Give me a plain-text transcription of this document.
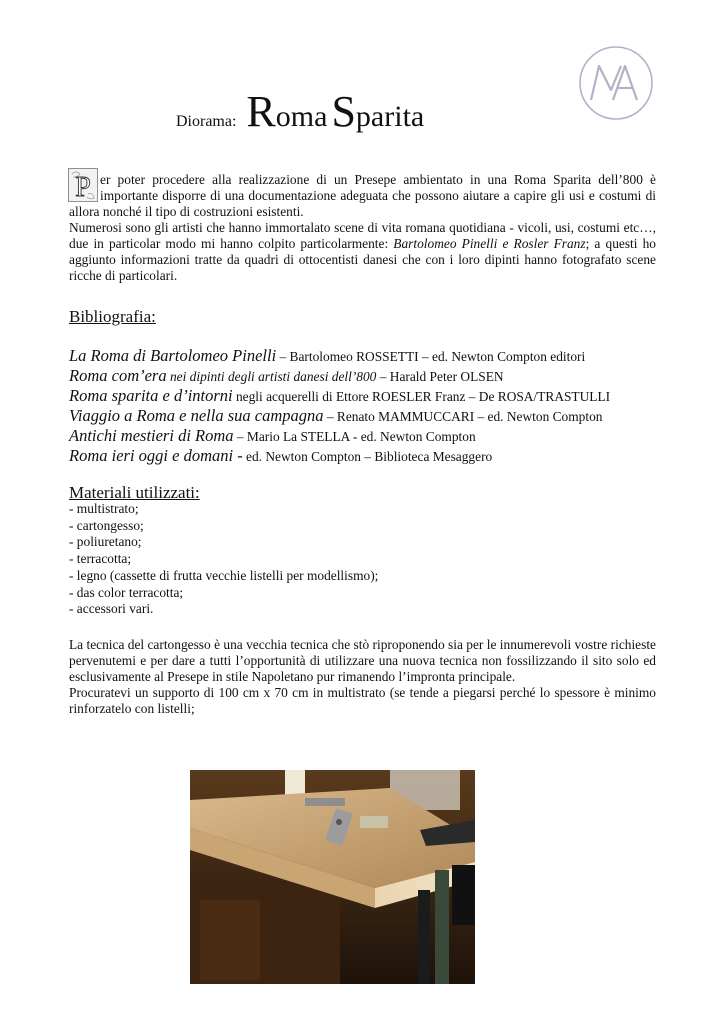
Diorama: Roma Sparita

P er poter procedere alla realizzazione di un Presepe ambientato in una Roma Sparita dell’800 è importante disporre di una documentazione adeguata che possono aiutare a capire gli usi e costumi di allora nonché il tipo di costruzioni esistenti.

Numerosi sono gli artisti che hanno immortalato scene di vita romana quotidiana - vicoli, usi, costumi etc…, due in particolar modo mi hanno colpito particolarmente: Bartolomeo Pinelli e Rosler Franz; a questi ho aggiunto informazioni tratte da quadri di ottocentisti danesi che con i loro dipinti hanno fotografato scene ricche di particolari.

Bibliografia:
La Roma di Bartolomeo Pinelli – Bartolomeo ROSSETTI – ed. Newton Compton editori
Roma com’era nei dipinti degli artisti danesi dell’800 – Harald Peter OLSEN
Roma sparita e d’intorni negli acquerelli di Ettore ROESLER Franz – De ROSA/TRASTULLI
Viaggio a Roma e nella sua campagna – Renato MAMMUCCARI – ed. Newton Compton
Antichi mestieri di Roma – Mario La STELLA - ed. Newton Compton
Roma ieri oggi e domani - ed. Newton Compton – Biblioteca Mesaggero
Materiali utilizzati:
- multistrato;
- cartongesso;
- poliuretano;
- terracotta;
- legno (cassette di frutta vecchie listelli per modellismo);
- das color terracotta;
- accessori vari.

La tecnica del cartongesso è una vecchia tecnica che stò riproponendo sia per le innumerevoli vostre richieste pervenutemi e per dare a tutti l’opportunità di utilizzare una nuova tecnica non fossilizzando il sito solo ed esclusivamente al Presepe in stile Napoletano pur rimanendo l’impronta principale.

Procuratevi un supporto di 100 cm x 70 cm in multistrato (se tende a piegarsi perché lo spessore è minimo rinforzatelo con listelli;
